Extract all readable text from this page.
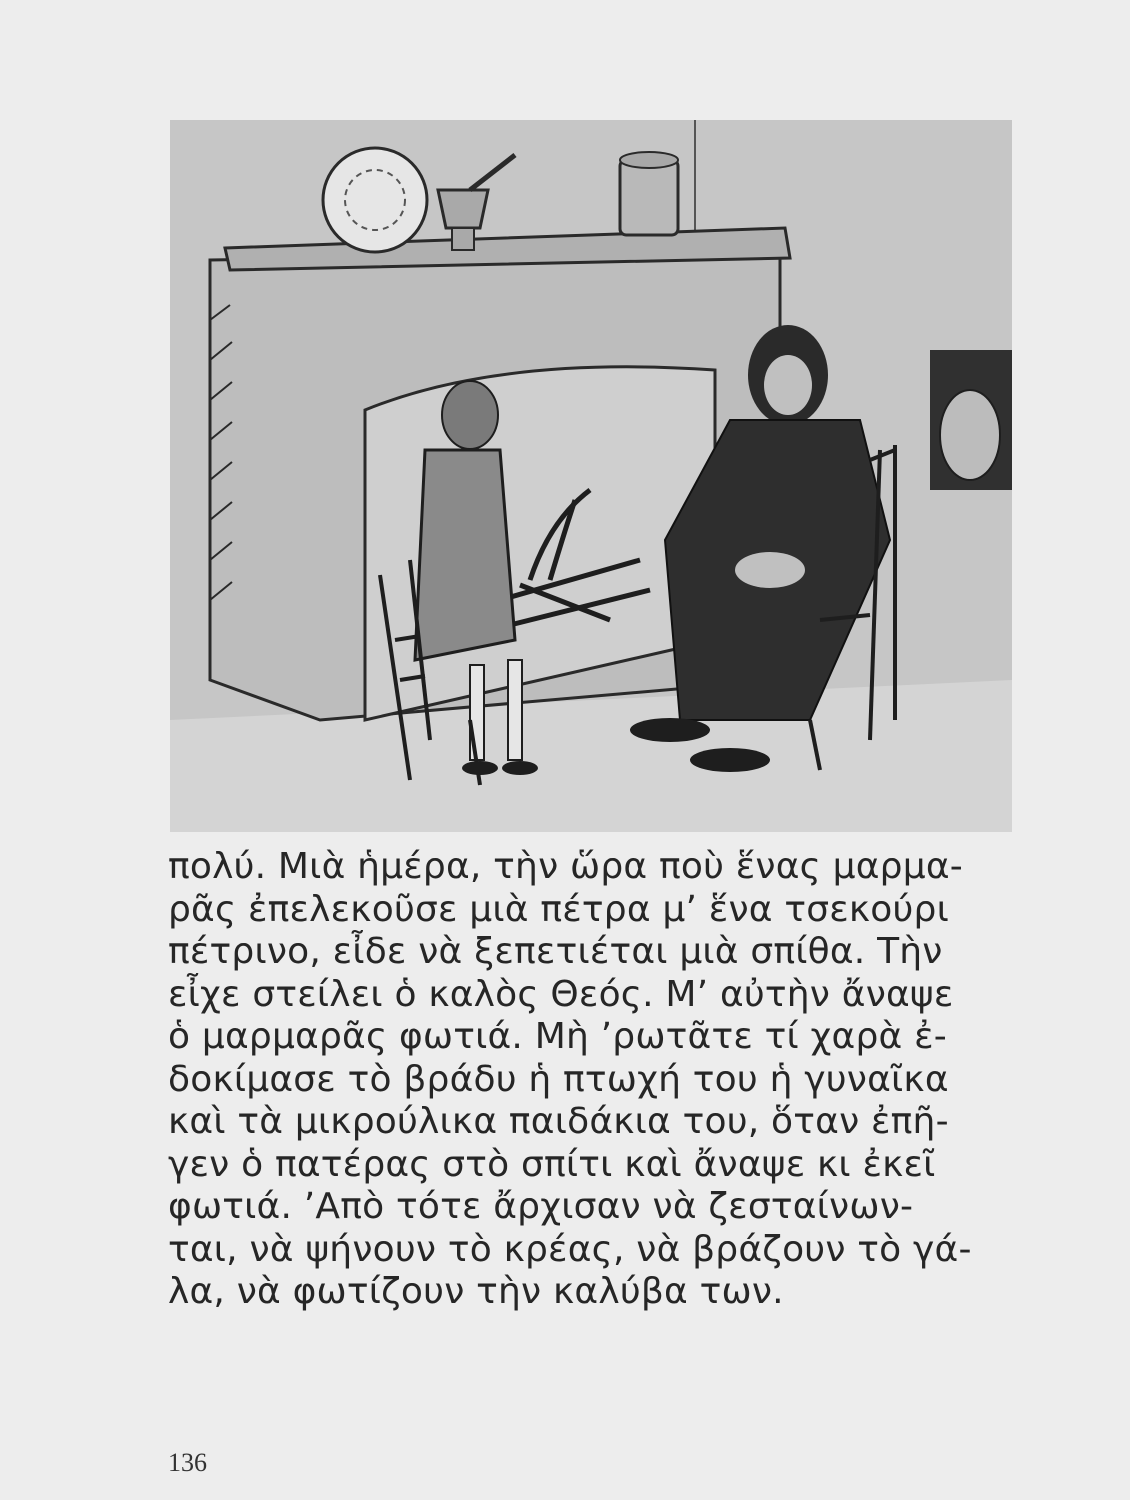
πολύ. Μιὰ ἡμέρα, τὴν ὥρα ποὺ ἕνας μαρμα-
ρᾶς ἐπελεκοῦσε μιὰ πέτρα μ’ ἕνα τσεκούρι
πέτρινο, εἶδε νὰ ξεπετιέται μιὰ σπίθα. Τὴν
εἶχε στείλει ὁ καλὸς Θεός. Μ’ αὐτὴν ἄναψε
ὁ μαρμαρᾶς φωτιά. Μὴ ’ρωτᾶτε τί χαρὰ ἐ-
δοκίμασε τὸ βράδυ ἡ πτωχή του ἡ γυναῖκα
καὶ τὰ μικρούλικα παιδάκια του, ὅταν ἐπῆ-
γεν ὁ πατέρας στὸ σπίτι καὶ ἄναψε κι ἐκεῖ
φωτιά. ’Απὸ τότε ἄρχισαν νὰ ζεσταίνων-
ται, νὰ ψήνουν τὸ κρέας, νὰ βράζουν τὸ γά-
λα, νὰ φωτίζουν τὴν καλύβα των.
136
